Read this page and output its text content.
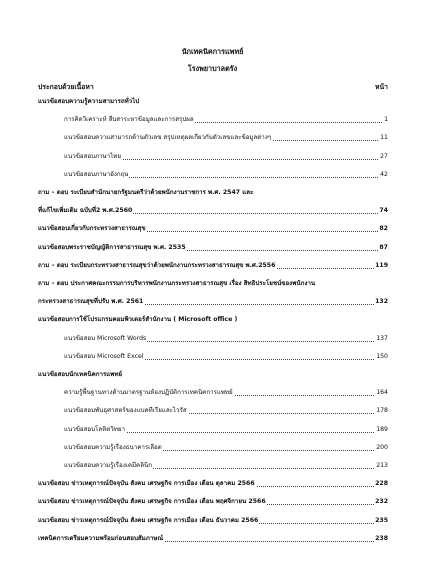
นักเทคนิคการแพทย์
โรงพยาบาลตรัง
ประกอบด้วยเนื้อหา	หน้า
แนวข้อสอบความรู้ความสามารถทั่วไป
การคิดวิเคราะห์ สืบสาระหาข้อมูลและการสรุปผล	1
แนวข้อสอบความสามารถด้านตัวเลข สรุปเหตุผลเกี่ยวกับตัวเลขและข้อมูลต่างๆ	11
แนวข้อสอบภาษาไทย	27
แนวข้อสอบภาษาอังกฤษ	42
ถาม – ตอบ ระเบียบสำนักนายกรัฐมนตรีว่าด้วยพนักงานราชการ พ.ศ. 2547 และ
ที่แก้ไขเพิ่มเติม ฉบับที่2 พ.ศ.2560	74
แนวข้อสอบเกี่ยวกับกระทรวงสาธารณสุข	82
แนวข้อสอบพระราชบัญญัติการสาธารณสุข พ.ศ. 2535	87
ถาม – ตอบ ระเบียบกระทรวงสาธารณสุขว่าด้วยพนักงานกระทรวงสาธารณสุข พ.ศ.2556	119
ถาม – ตอบ ประกาศคณะกรรมการบริหารพนักงานกระทรวงสาธารณสุข เรื่อง สิทธิประโยชน์ของพนักงาน
กระทรวงสาธารณสุขที่ปรับ พ.ศ. 2561	132
แนวข้อสอบการใช้โปรแกรมคอมพิวเตอร์สำนักงาน ( Microsoft office )
แนวข้อสอบ Microsoft Words	137
แนวข้อสอบ Microsoft Excel	150
แนวข้อสอบนักเทคนิคการแพทย์
ความรู้พื้นฐานทางด้านมาตรฐานห้องปฏิบัติการเทคนิคการแพทย์	164
แนวข้อสอบพันธุศาสตร์ของแบคทีเรียและไวรัส	178
แนวข้อสอบโลหิตวิทยา	189
แนวข้อสอบความรู้เรื่องธนาคารเลือด	200
แนวข้อสอบความรู้เรื่องเคมีคลินิก	213
แนวข้อสอบ ข่าวเหตุการณ์ปัจจุบัน สังคม เศรษฐกิจ การเมือง เดือน ตุลาคม 2566	228
แนวข้อสอบ ข่าวเหตุการณ์ปัจจุบัน สังคม เศรษฐกิจ การเมือง เดือน พฤศจิกายน 2566	232
แนวข้อสอบ ข่าวเหตุการณ์ปัจจุบัน สังคม เศรษฐกิจ การเมือง เดือน ธันวาคม 2566	235
เทคนิคการเตรียมความพร้อมก่อนสอบสัมภาษณ์	238
